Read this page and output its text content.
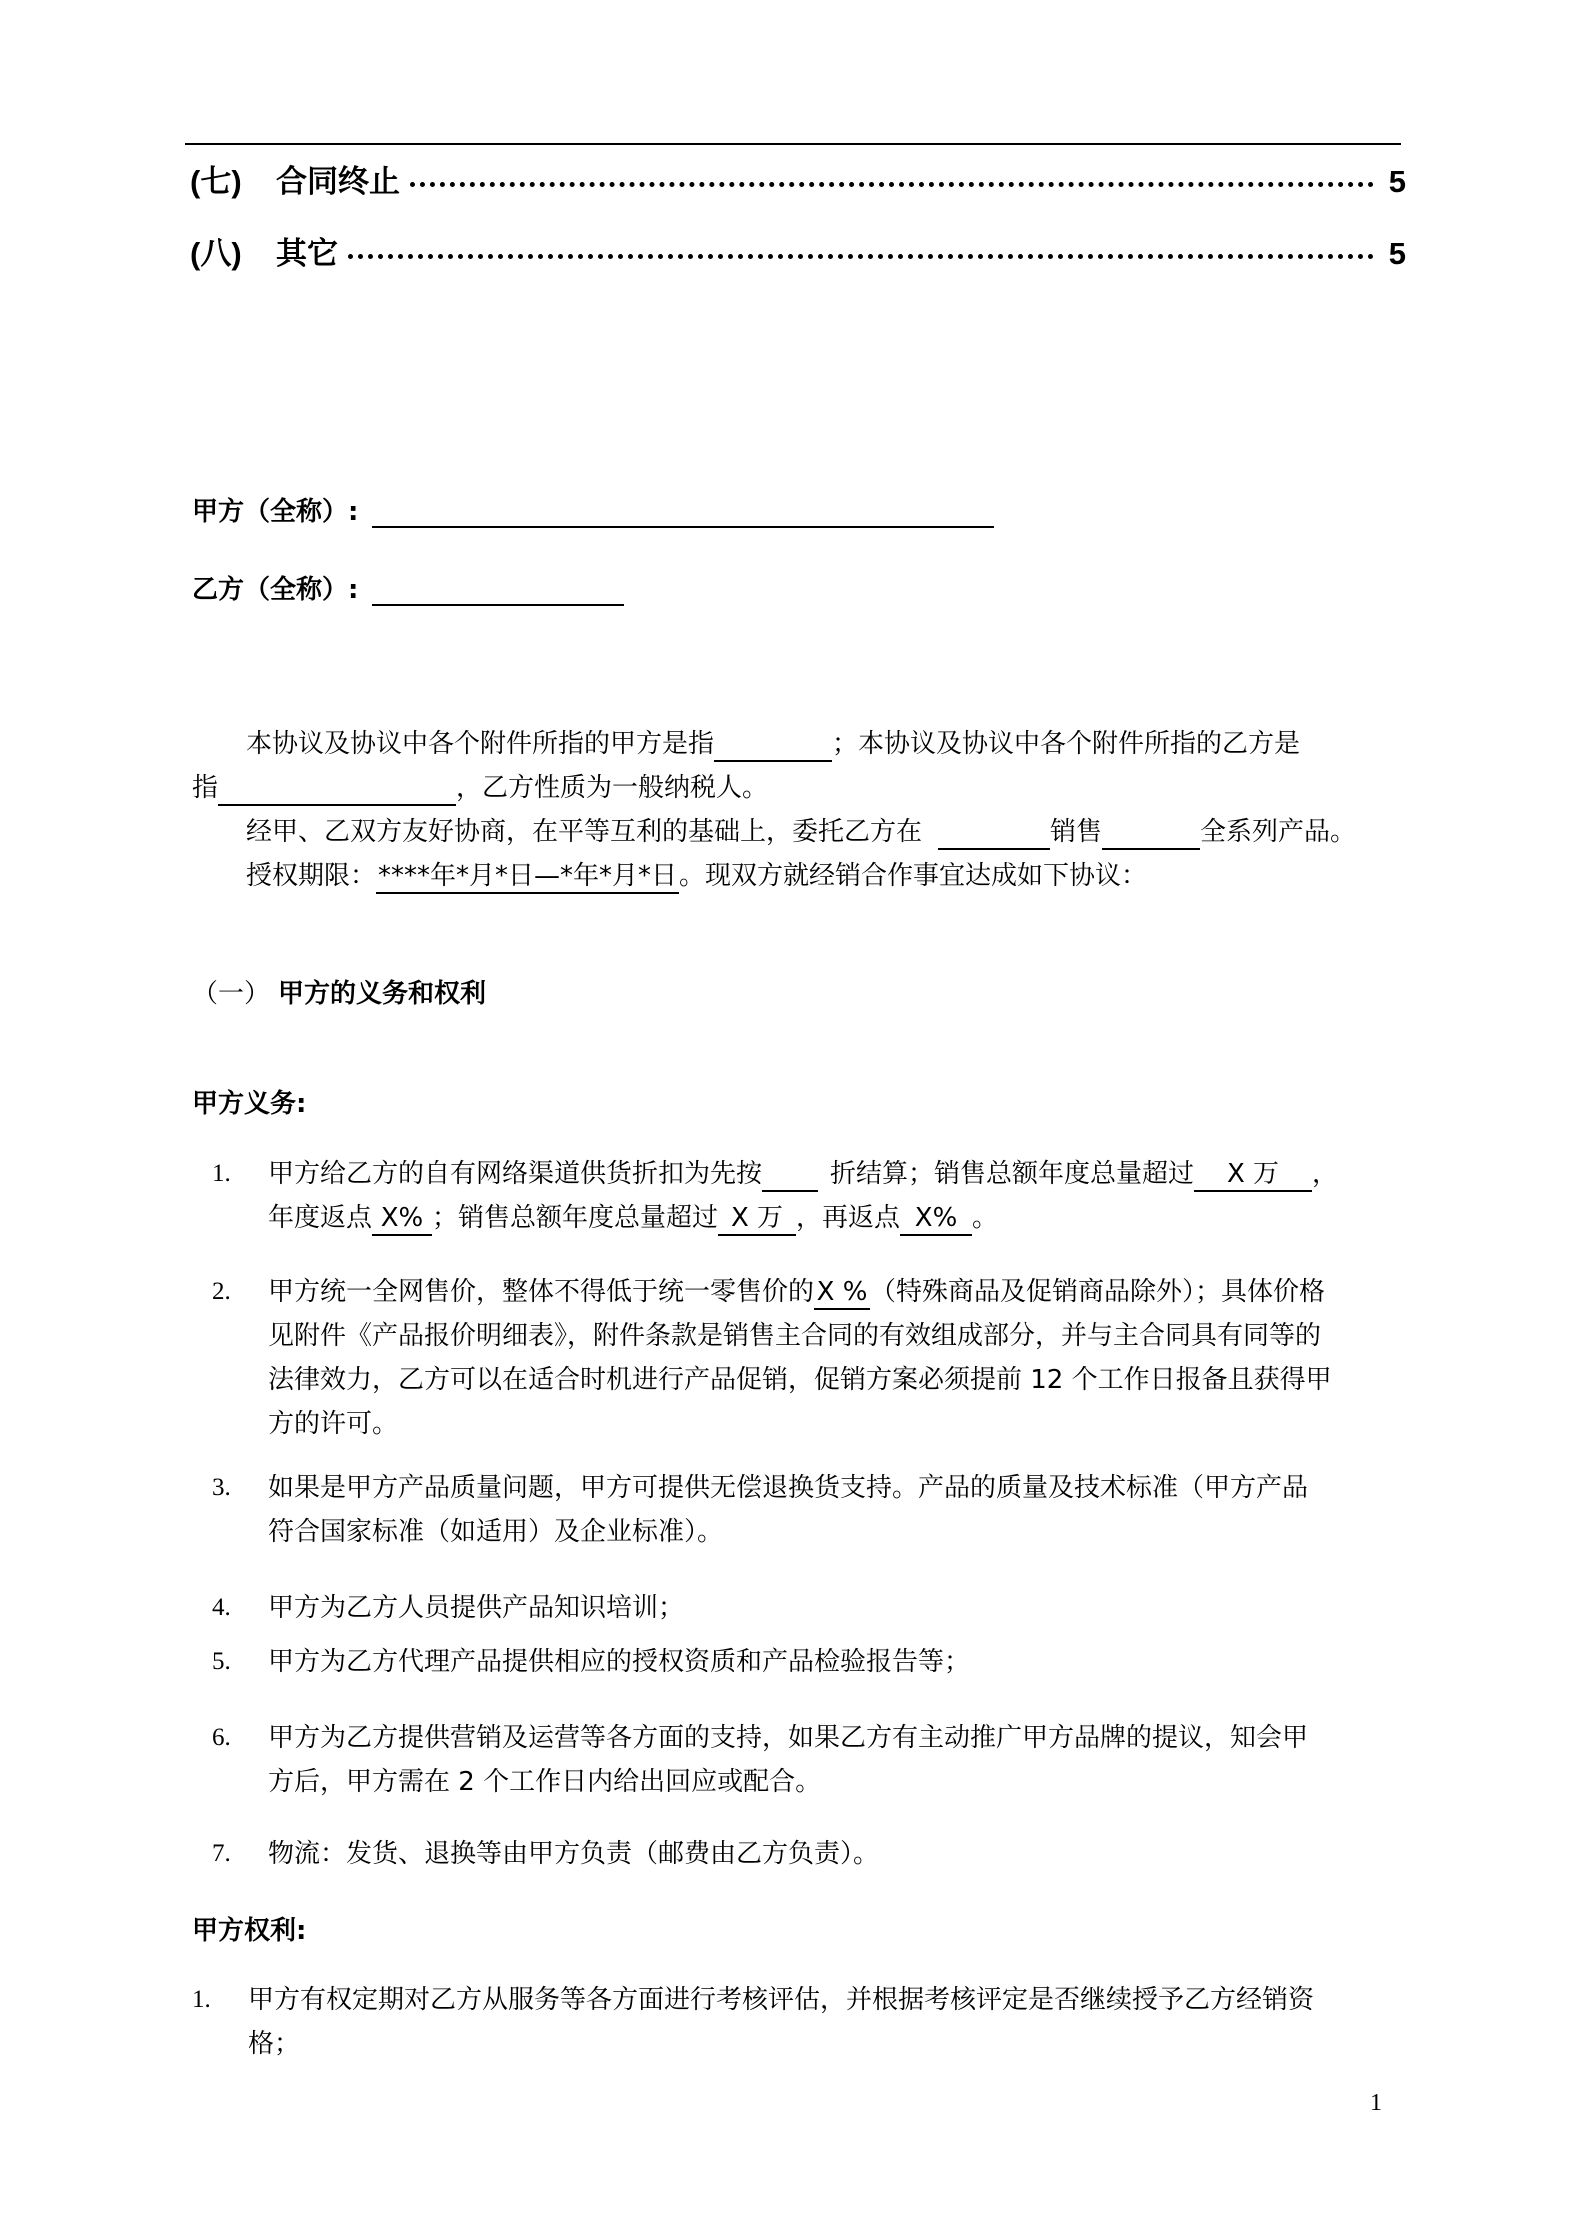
(七)	合同终止	5
(八)	其它	5
甲方（全称）:
乙方（全称）:
本协议及协议中各个附件所指的甲方是指	；本协议及协议中各个附件所指的乙方是
指	，乙方性质为一般纳税人。
经甲、乙双方友好协商，在平等互利的基础上，委托乙方在	销售	全系列产品。
授权期限：****年*月*日—*年*月*日。现双方就经销合作事宜达成如下协议：
（一） 甲方的义务和权利
甲方义务:
1.	甲方给乙方的自有网络渠道供货折扣为先按	折结算；销售总额年度总量超过 X 万 ，
年度返点 X% ；销售总额年度总量超过 X 万 ，再返点 X% 。
2.	甲方统一全网售价，整体不得低于统一零售价的 X % （特殊商品及促销商品除外）；具体价格
见附件《产品报价明细表》，附件条款是销售主合同的有效组成部分，并与主合同具有同等的
法律效力，乙方可以在适合时机进行产品促销，促销方案必须提前 12 个工作日报备且获得甲
方的许可。
3.	如果是甲方产品质量问题，甲方可提供无偿退换货支持。产品的质量及技术标准（甲方产品
符合国家标准（如适用）及企业标准）。
4.	甲方为乙方人员提供产品知识培训；
5.	甲方为乙方代理产品提供相应的授权资质和产品检验报告等；
6.	甲方为乙方提供营销及运营等各方面的支持，如果乙方有主动推广甲方品牌的提议，知会甲
方后，甲方需在 2 个工作日内给出回应或配合。
7.	物流：发货、退换等由甲方负责（邮费由乙方负责）。
甲方权利:
1.	甲方有权定期对乙方从服务等各方面进行考核评估，并根据考核评定是否继续授予乙方经销资
格；
1
